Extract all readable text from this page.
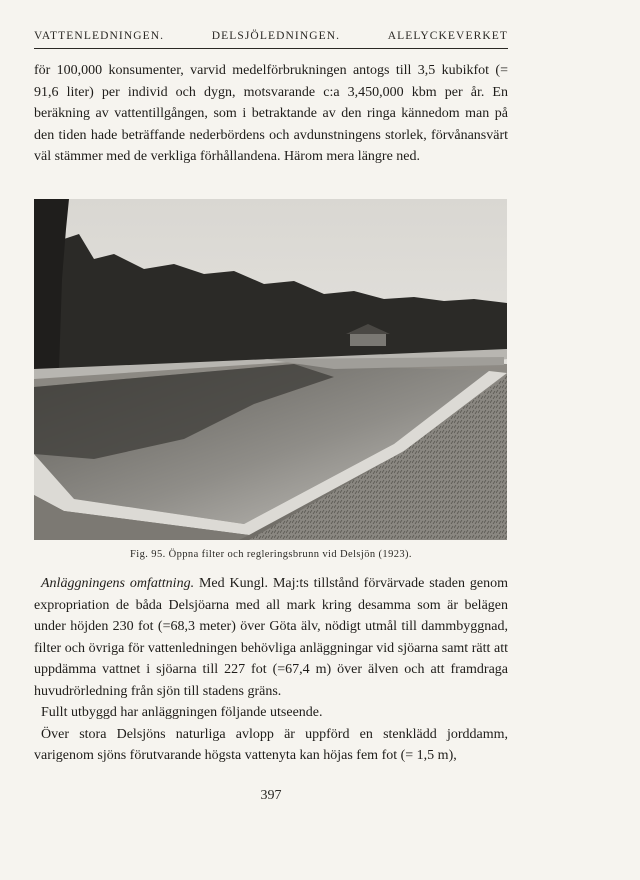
VATTENLEDNINGEN.	DELSJÖLEDNINGEN.	ALELYCKEVERKET

för 100,000 konsumenter, varvid medelförbrukningen antogs till 3,5 kubikfot (= 91,6 liter) per individ och dygn, motsvarande c:a 3,450,000 kbm per år. En beräkning av vattentillgången, som i betraktande av den ringa kännedom man på den tiden hade beträffande nederbördens och avdunstningens storlek, förvånansvärt väl stämmer med de verkliga förhållandena. Härom mera längre ned.

Fig. 95. Öppna filter och regleringsbrunn vid Delsjön (1923).

Anläggningens omfattning. Med Kungl. Maj:ts tillstånd förvärvade staden genom expropriation de båda Delsjöarna med all mark kring desamma som är belägen under höjden 230 fot (=68,3 meter) över Göta älv, nödigt utmål till dammbyggnad, filter och övriga för vattenledningen behövliga anläggningar vid sjöarna samt rätt att uppdämma vattnet i sjöarna till 227 fot (=67,4 m) över älven och att framdraga huvudrörledning från sjön till stadens gräns.

Fullt utbyggd har anläggningen följande utseende.

Över stora Delsjöns naturliga avlopp är uppförd en stenklädd jorddamm, varigenom sjöns förutvarande högsta vattenyta kan höjas fem fot (= 1,5 m),

397
